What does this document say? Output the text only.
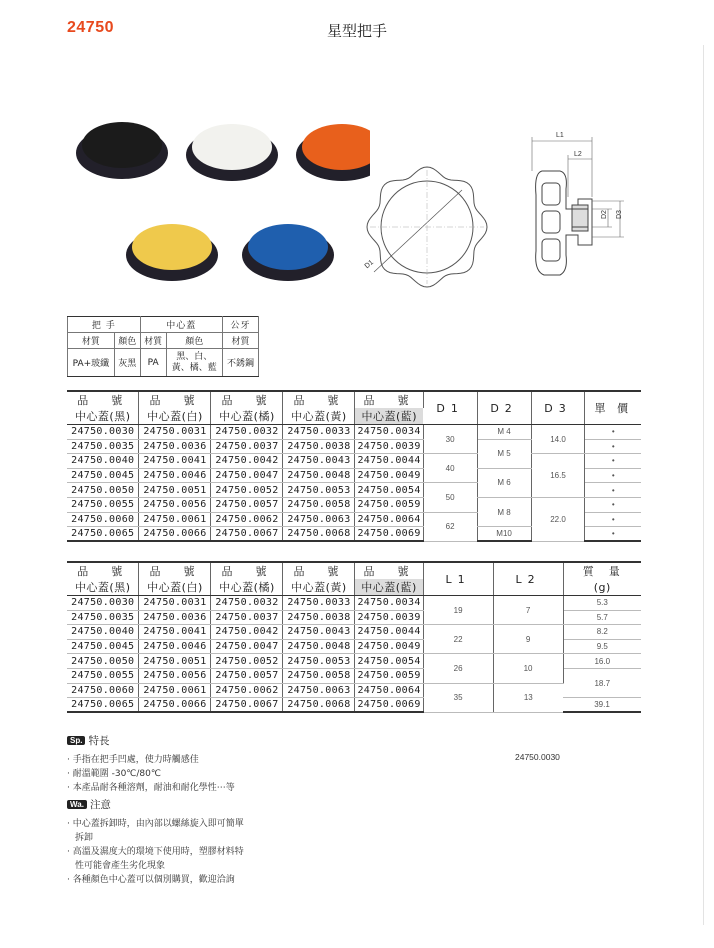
24750	星型把手
D1
L1
L2
D2 D3
把 手		中心蓋		公牙
材質	顏色	材質	顏色	材質
PA+玻纖	灰黑	PA	黑、白、
黃、橘、藍	不銹鋼
品　號	品　號	品　號	品　號	品　號	D1	D2	D3	單 價
中心蓋(黑)	中心蓋(白)	中心蓋(橘)	中心蓋(黃)	中心蓋(藍)				
24750.0030	24750.0031	24750.0032	24750.0033	24750.0034	30	M 4	14.0	•
24750.0035	24750.0036	24750.0037	24750.0038	24750.0039		M 5		•
24750.0040	24750.0041	24750.0042	24750.0043	24750.0044	40		16.5	•
24750.0045	24750.0046	24750.0047	24750.0048	24750.0049		M 6		•
24750.0050	24750.0051	24750.0052	24750.0053	24750.0054	50			•
24750.0055	24750.0056	24750.0057	24750.0058	24750.0059		M 8	22.0	•
24750.0060	24750.0061	24750.0062	24750.0063	24750.0064	62			•
24750.0065	24750.0066	24750.0067	24750.0068	24750.0069		M10		•
品　號	品　號	品　號	品　號	品　號	L1	L2	質　量
中心蓋(黑)	中心蓋(白)	中心蓋(橘)	中心蓋(黃)	中心蓋(藍)			(g)
24750.0030	24750.0031	24750.0032	24750.0033	24750.0034	19	7	5.3
24750.0035	24750.0036	24750.0037	24750.0038	24750.0039			5.7
24750.0040	24750.0041	24750.0042	24750.0043	24750.0044	22	9	8.2
24750.0045	24750.0046	24750.0047	24750.0048	24750.0049			9.5
24750.0050	24750.0051	24750.0052	24750.0053	24750.0054	26	10	16.0
24750.0055	24750.0056	24750.0057	24750.0058	24750.0059			18.7
24750.0060	24750.0061	24750.0062	24750.0063	24750.0064	35	13	
24750.0065	24750.0066	24750.0067	24750.0068	24750.0069			39.1
Sp. 特長
· 手指在把手凹處，使力時觸感佳
· 耐溫範圍 -30℃/80℃
· 本產品耐各種溶劑，耐油和耐化學性⋯等
Wa. 注意
· 中心蓋拆卸時，由內部以螺絲旋入即可簡單拆卸
· 高溫及濕度大的環境下使用時，塑膠材料特性可能會產生劣化現象
· 各種顏色中心蓋可以個別購買，歡迎洽詢
24750.0030
